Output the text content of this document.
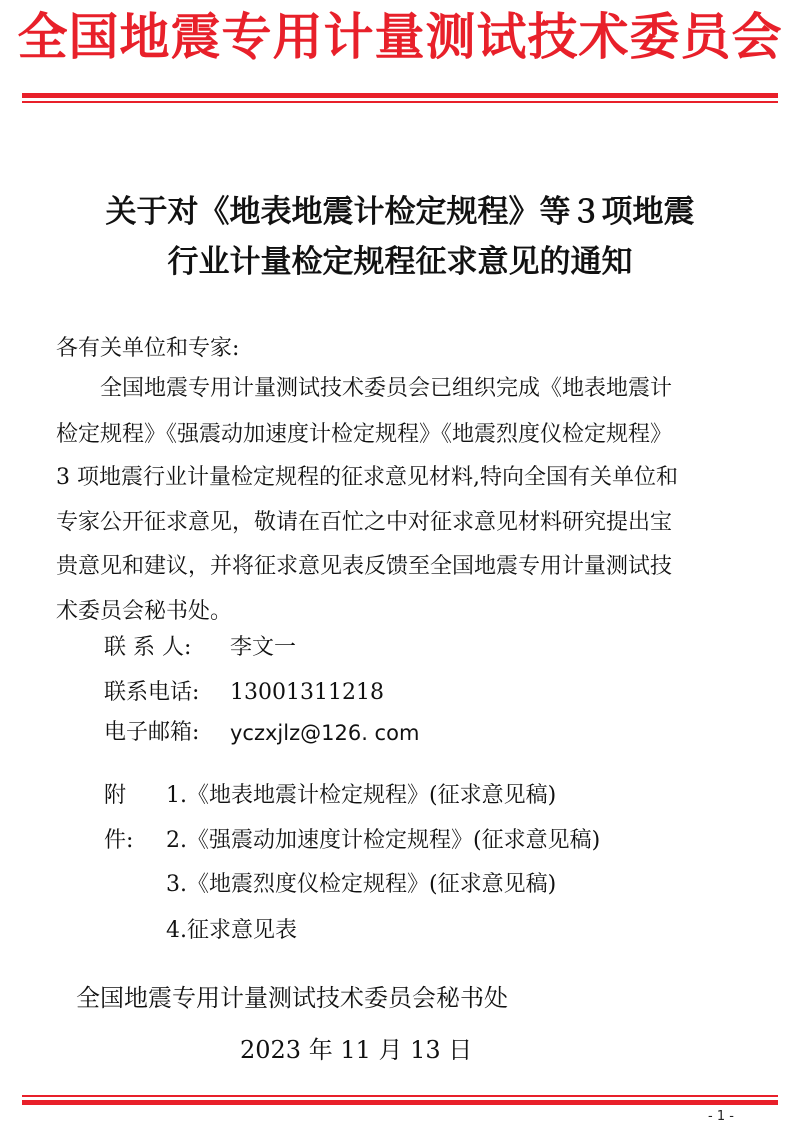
全国地震专用计量测试技术委员会
关于对《地表地震计检定规程》等３项地震
行业计量检定规程征求意见的通知
各有关单位和专家:
全国地震专用计量测试技术委员会已组织完成《地表地震计
检定规程》《强震动加速度计检定规程》《地震烈度仪检定规程》
3 项地震行业计量检定规程的征求意见材料,特向全国有关单位和
专家公开征求意见，敬请在百忙之中对征求意见材料研究提出宝
贵意见和建议，并将征求意见表反馈至全国地震专用计量测试技
术委员会秘书处。
联 系 人: 李文一
联系电话: 13001311218
电子邮箱: yczxjlz@126. com
附
件:
1.《地表地震计检定规程》(征求意见稿)
2.《强震动加速度计检定规程》(征求意见稿)
3.《地震烈度仪检定规程》(征求意见稿)
4.征求意见表
全国地震专用计量测试技术委员会秘书处
2023 年 11 月 13 日
- 1 -
